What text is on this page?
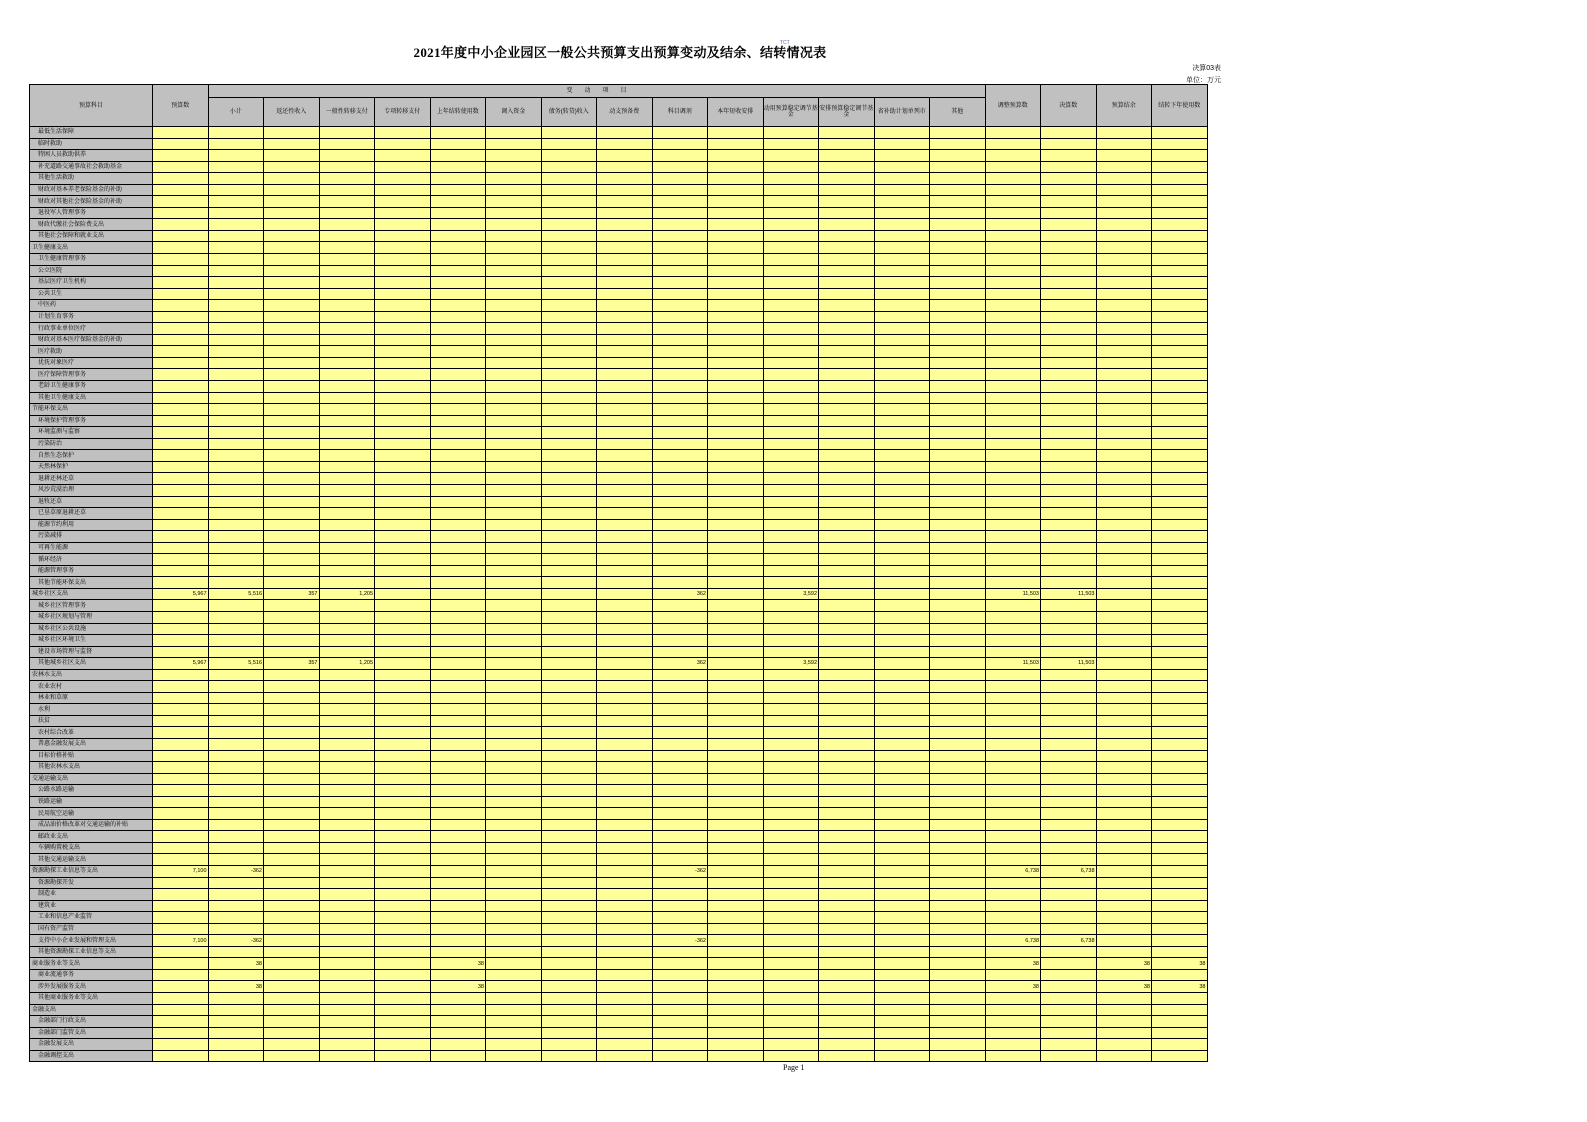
2021年度中小企业园区一般公共预算支出预算变动及结余、结转情况表
TCT
决算03表
单位：万元
预算科目	预算数	变　　动　　项　　目														调整预算数	决算数	预算结余	结转下年使用数
		小计	返还性收入	一般性转移支付	专项转移支付	上年结转使用数	调入资金	债务(转贷)收入	动支预备费	科目调剂	本年短收安排	动用预算稳定调节基金	安排预算稳定调节基金	省补助计划单列市	其他				
最低生活保障																			
临时救助																			
特困人员救助供养																			
补充道路交通事故社会救助基金																			
其他生活救助																			
财政对基本养老保险基金的补助																			
财政对其他社会保险基金的补助																			
退役军人管理事务																			
财政代缴社会保险费支出																			
其他社会保障和就业支出																			
卫生健康支出																			
卫生健康管理事务																			
公立医院																			
基层医疗卫生机构																			
公共卫生																			
中医药																			
计划生育事务																			
行政事业单位医疗																			
财政对基本医疗保险基金的补助																			
医疗救助																			
优抚对象医疗																			
医疗保障管理事务																			
老龄卫生健康事务																			
其他卫生健康支出																			
节能环保支出																			
环境保护管理事务																			
环境监测与监察																			
污染防治																			
自然生态保护																			
天然林保护																			
退耕还林还草																			
风沙荒漠治理																			
退牧还草																			
已垦草原退耕还草																			
能源节约利用																			
污染减排																			
可再生能源																			
循环经济																			
能源管理事务																			
其他节能环保支出																			
城乡社区支出	5,967	5,516	357	1,205						362		3,592				11,503	11,503		
城乡社区管理事务																			
城乡社区规划与管理																			
城乡社区公共设施																			
城乡社区环境卫生																			
建设市场管理与监督																			
其他城乡社区支出	5,967	5,516	357	1,205						362		3,592				11,503	11,503		
农林水支出																			
农业农村																			
林业和草原																			
水利																			
扶贫																			
农村综合改革																			
普惠金融发展支出																			
目标价格补贴																			
其他农林水支出																			
交通运输支出																			
公路水路运输																			
铁路运输																			
民用航空运输																			
成品油价格改革对交通运输的补贴																			
邮政业支出																			
车辆购置税支出																			
其他交通运输支出																			
资源勘探工业信息等支出	7,100	-362								-362						6,738	6,738		
资源勘探开发																			
制造业																			
建筑业																			
工业和信息产业监管																			
国有资产监管																			
支持中小企业发展和管理支出	7,100	-362								-362						6,738	6,738		
其他资源勘探工业信息等支出																			
商业服务业等支出		38				38										38		38	38
商业流通事务																			
涉外发展服务支出		38				38										38		38	38
其他商业服务业等支出																			
金融支出																			
金融部门行政支出																			
金融部门监管支出																			
金融发展支出																			
金融调控支出																			
Page 1
